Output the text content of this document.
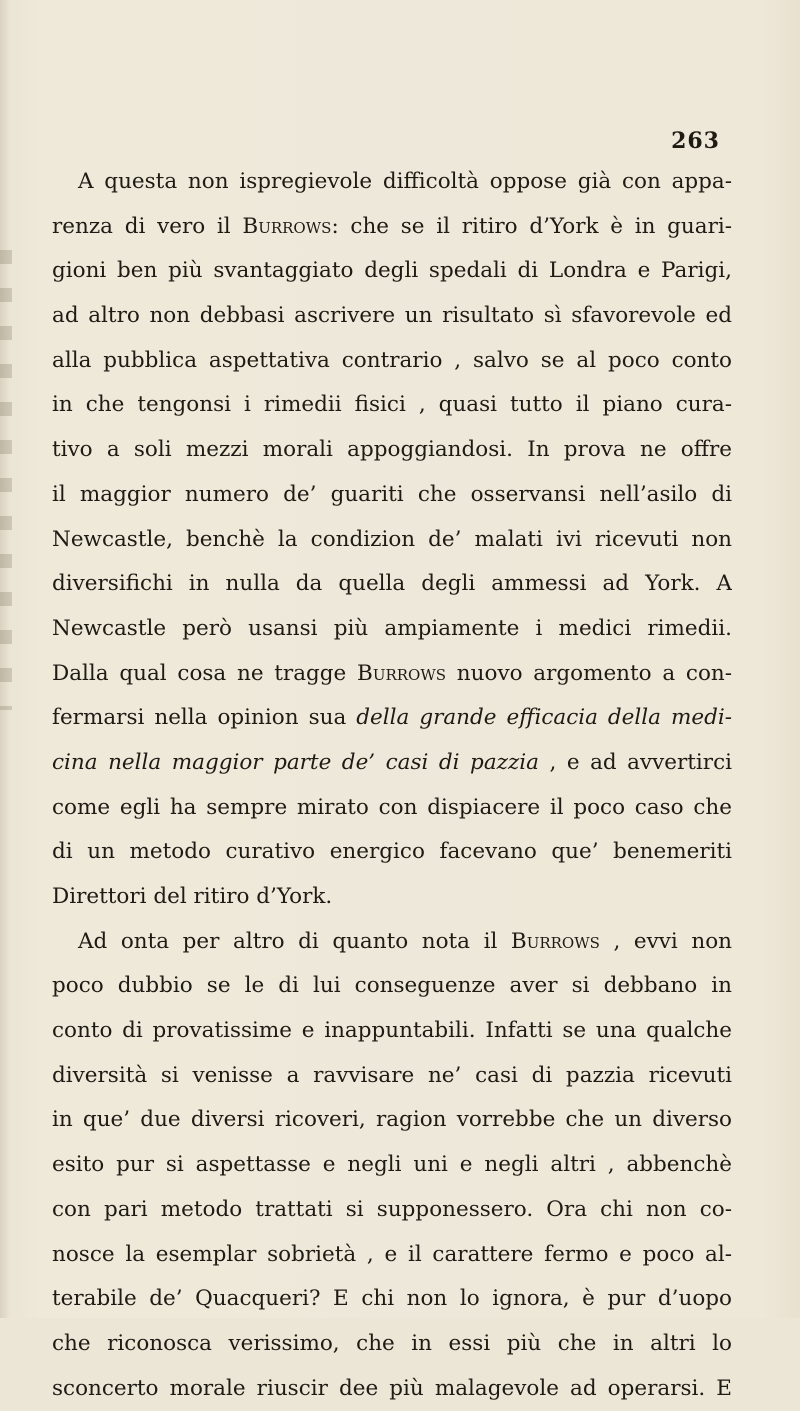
263
A questa non ispregievole difficoltà oppose già con appa-
renza di vero il Burrows: che se il ritiro d’York è in guari-
gioni ben più svantaggiato degli spedali di Londra e Parigi,
ad altro non debbasi ascrivere un risultato sì sfavorevole ed
alla pubblica aspettativa contrario , salvo se al poco conto
in che tengonsi i rimedii fisici , quasi tutto il piano cura-
tivo a soli mezzi morali appoggiandosi. In prova ne offre
il maggior numero de’ guariti che osservansi nell’asilo di
Newcastle, benchè la condizion de’ malati ivi ricevuti non
diversifichi in nulla da quella degli ammessi ad York. A
Newcastle però usansi più ampiamente i medici rimedii.
Dalla qual cosa ne tragge Burrows nuovo argomento a con-
fermarsi nella opinion sua della grande efficacia della medi-
cina nella maggior parte de’ casi di pazzia , e ad avvertirci
come egli ha sempre mirato con dispiacere il poco caso che
di un metodo curativo energico facevano que’ benemeriti
Direttori del ritiro d’York.
Ad onta per altro di quanto nota il Burrows , evvi non
poco dubbio se le di lui conseguenze aver si debbano in
conto di provatissime e inappuntabili. Infatti se una qualche
diversità si venisse a ravvisare ne’ casi di pazzia ricevuti
in que’ due diversi ricoveri, ragion vorrebbe che un diverso
esito pur si aspettasse e negli uni e negli altri , abbenchè
con pari metodo trattati si supponessero. Ora chi non co-
nosce la esemplar sobrietà , e il carattere fermo e poco al-
terabile de’ Quacqueri? E chi non lo ignora, è pur d’uopo
che riconosca verissimo, che in essi più che in altri lo
sconcerto morale riuscir dee più malagevole ad operarsi. E
